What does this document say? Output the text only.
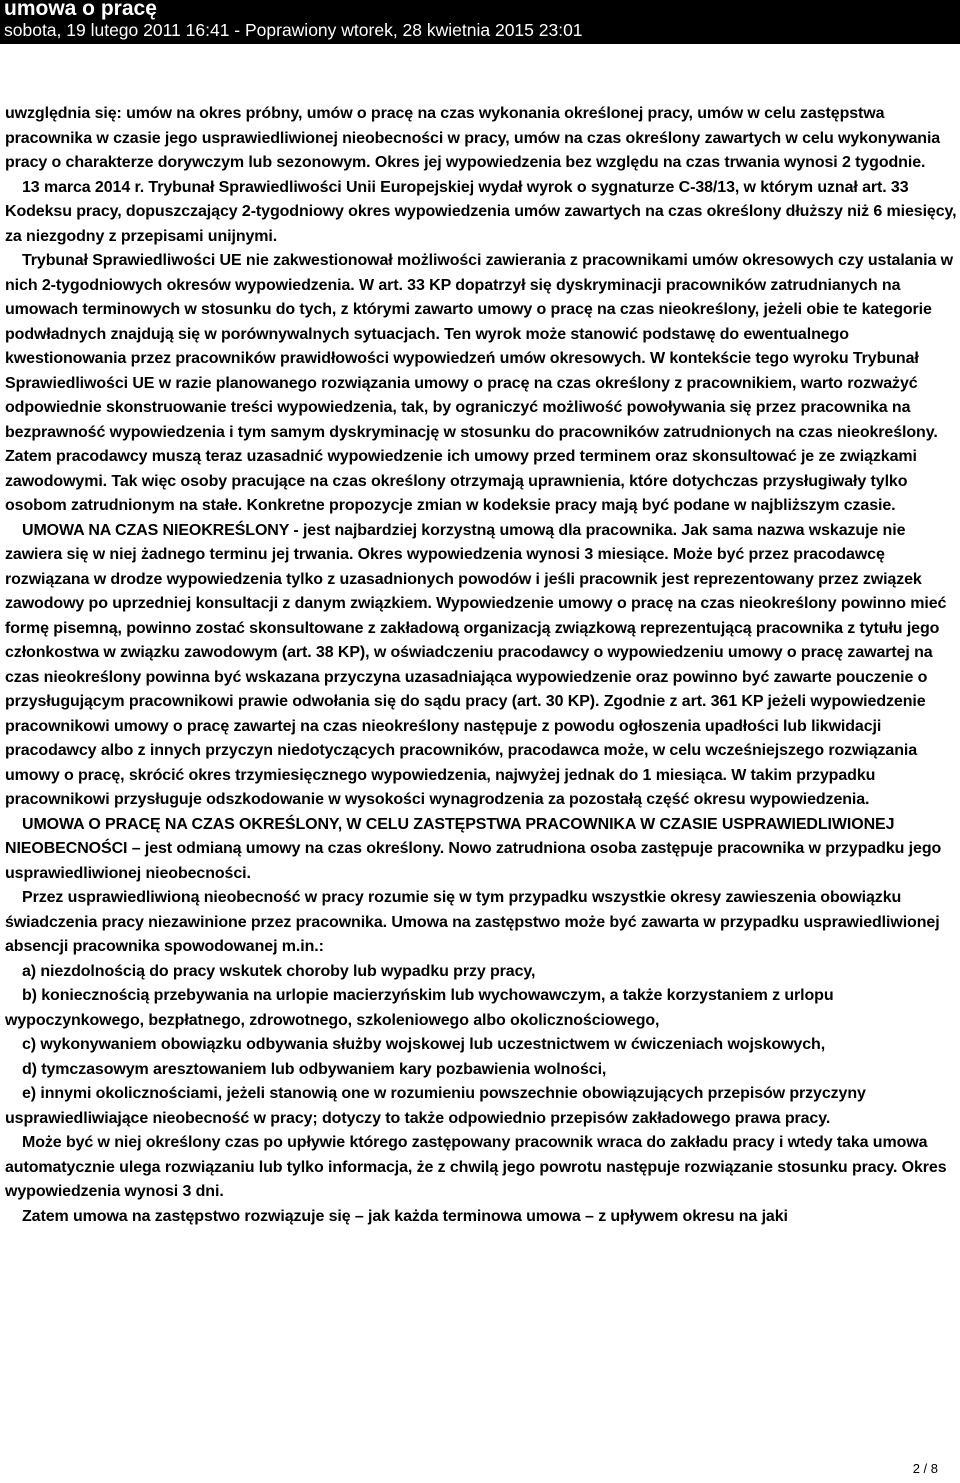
umowa o pracę
sobota, 19 lutego 2011 16:41 - Poprawiony wtorek, 28 kwietnia 2015 23:01

uwzględnia się: umów na okres próbny, umów o pracę na czas wykonania określonej pracy, umów w celu zastępstwa pracownika w czasie jego usprawiedliwionej nieobecności w pracy, umów na czas określony zawartych w celu wykonywania pracy o charakterze dorywczym lub sezonowym. Okres jej wypowiedzenia bez względu na czas trwania wynosi 2 tygodnie.

13 marca 2014 r. Trybunał Sprawiedliwości Unii Europejskiej wydał wyrok o sygnaturze C-38/13, w którym uznał art. 33 Kodeksu pracy, dopuszczający 2-tygodniowy okres wypowiedzenia umów zawartych na czas określony dłuższy niż 6 miesięcy, za niezgodny z przepisami unijnymi.

Trybunał Sprawiedliwości UE nie zakwestionował możliwości zawierania z pracownikami umów okresowych czy ustalania w nich 2-tygodniowych okresów wypowiedzenia. W art. 33 KP dopatrzył się dyskryminacji pracowników zatrudnianych na umowach terminowych w stosunku do tych, z którymi zawarto umowy o pracę na czas nieokreślony, jeżeli obie te kategorie podwładnych znajdują się w porównywalnych sytuacjach. Ten wyrok może stanowić podstawę do ewentualnego kwestionowania przez pracowników prawidłowości wypowiedzeń umów okresowych. W kontekście tego wyroku Trybunał Sprawiedliwości UE w razie planowanego rozwiązania umowy o pracę na czas określony z pracownikiem, warto rozważyć odpowiednie skonstruowanie treści wypowiedzenia, tak, by ograniczyć możliwość powoływania się przez pracownika na bezprawność wypowiedzenia i tym samym dyskryminację w stosunku do pracowników zatrudnionych na czas nieokreślony. Zatem pracodawcy muszą teraz uzasadnić wypowiedzenie ich umowy przed terminem oraz skonsultować je ze związkami zawodowymi. Tak więc osoby pracujące na czas określony otrzymają uprawnienia, które dotychczas przysługiwały tylko osobom zatrudnionym na stałe. Konkretne propozycje zmian w kodeksie pracy mają być podane w najbliższym czasie.

UMOWA NA CZAS NIEOKREŚLONY - jest najbardziej korzystną umową dla pracownika. Jak sama nazwa wskazuje nie zawiera się w niej żadnego terminu jej trwania. Okres wypowiedzenia wynosi 3 miesiące. Może być przez pracodawcę rozwiązana w drodze wypowiedzenia tylko z uzasadnionych powodów i jeśli pracownik jest reprezentowany przez związek zawodowy po uprzedniej konsultacji z danym związkiem. Wypowiedzenie umowy o pracę na czas nieokreślony powinno mieć formę pisemną, powinno zostać skonsultowane z zakładową organizacją związkową reprezentującą pracownika z tytułu jego członkostwa w związku zawodowym (art. 38 KP), w oświadczeniu pracodawcy o wypowiedzeniu umowy o pracę zawartej na czas nieokreślony powinna być wskazana przyczyna uzasadniająca wypowiedzenie oraz powinno być zawarte pouczenie o przysługującym pracownikowi prawie odwołania się do sądu pracy (art. 30 KP). Zgodnie z art. 361 KP jeżeli wypowiedzenie pracownikowi umowy o pracę zawartej na czas nieokreślony następuje z powodu ogłoszenia upadłości lub likwidacji pracodawcy albo z innych przyczyn niedotyczących pracowników, pracodawca może, w celu wcześniejszego rozwiązania umowy o pracę, skrócić okres trzymiesięcznego wypowiedzenia, najwyżej jednak do 1 miesiąca. W takim przypadku pracownikowi przysługuje odszkodowanie w wysokości wynagrodzenia za pozostałą część okresu wypowiedzenia.

UMOWA O PRACĘ NA CZAS OKREŚLONY, W CELU ZASTĘPSTWA PRACOWNIKA W CZASIE USPRAWIEDLIWIONEJ NIEOBECNOŚCI – jest odmianą umowy na czas określony. Nowo zatrudniona osoba zastępuje pracownika w przypadku jego usprawiedliwionej nieobecności.

Przez usprawiedliwioną nieobecność w pracy rozumie się w tym przypadku wszystkie okresy zawieszenia obowiązku świadczenia pracy niezawinione przez pracownika. Umowa na zastępstwo może być zawarta w przypadku usprawiedliwionej absencji pracownika spowodowanej m.in.:

a) niezdolnością do pracy wskutek choroby lub wypadku przy pracy,

b) koniecznością przebywania na urlopie macierzyńskim lub wychowawczym, a także korzystaniem z urlopu wypoczynkowego, bezpłatnego, zdrowotnego, szkoleniowego albo okolicznościowego,

c) wykonywaniem obowiązku odbywania służby wojskowej lub uczestnictwem w ćwiczeniach wojskowych,

d) tymczasowym aresztowaniem lub odbywaniem kary pozbawienia wolności,

e) innymi okolicznościami, jeżeli stanowią one w rozumieniu powszechnie obowiązujących przepisów przyczyny usprawiedliwiające nieobecność w pracy; dotyczy to także odpowiednio przepisów zakładowego prawa pracy.

Może być w niej określony czas po upływie którego zastępowany pracownik wraca do zakładu pracy i wtedy taka umowa automatycznie ulega rozwiązaniu lub tylko informacja, że z chwilą jego powrotu następuje rozwiązanie stosunku pracy. Okres wypowiedzenia wynosi 3 dni.

Zatem umowa na zastępstwo rozwiązuje się – jak każda terminowa umowa – z upływem okresu na jaki

2 / 8
